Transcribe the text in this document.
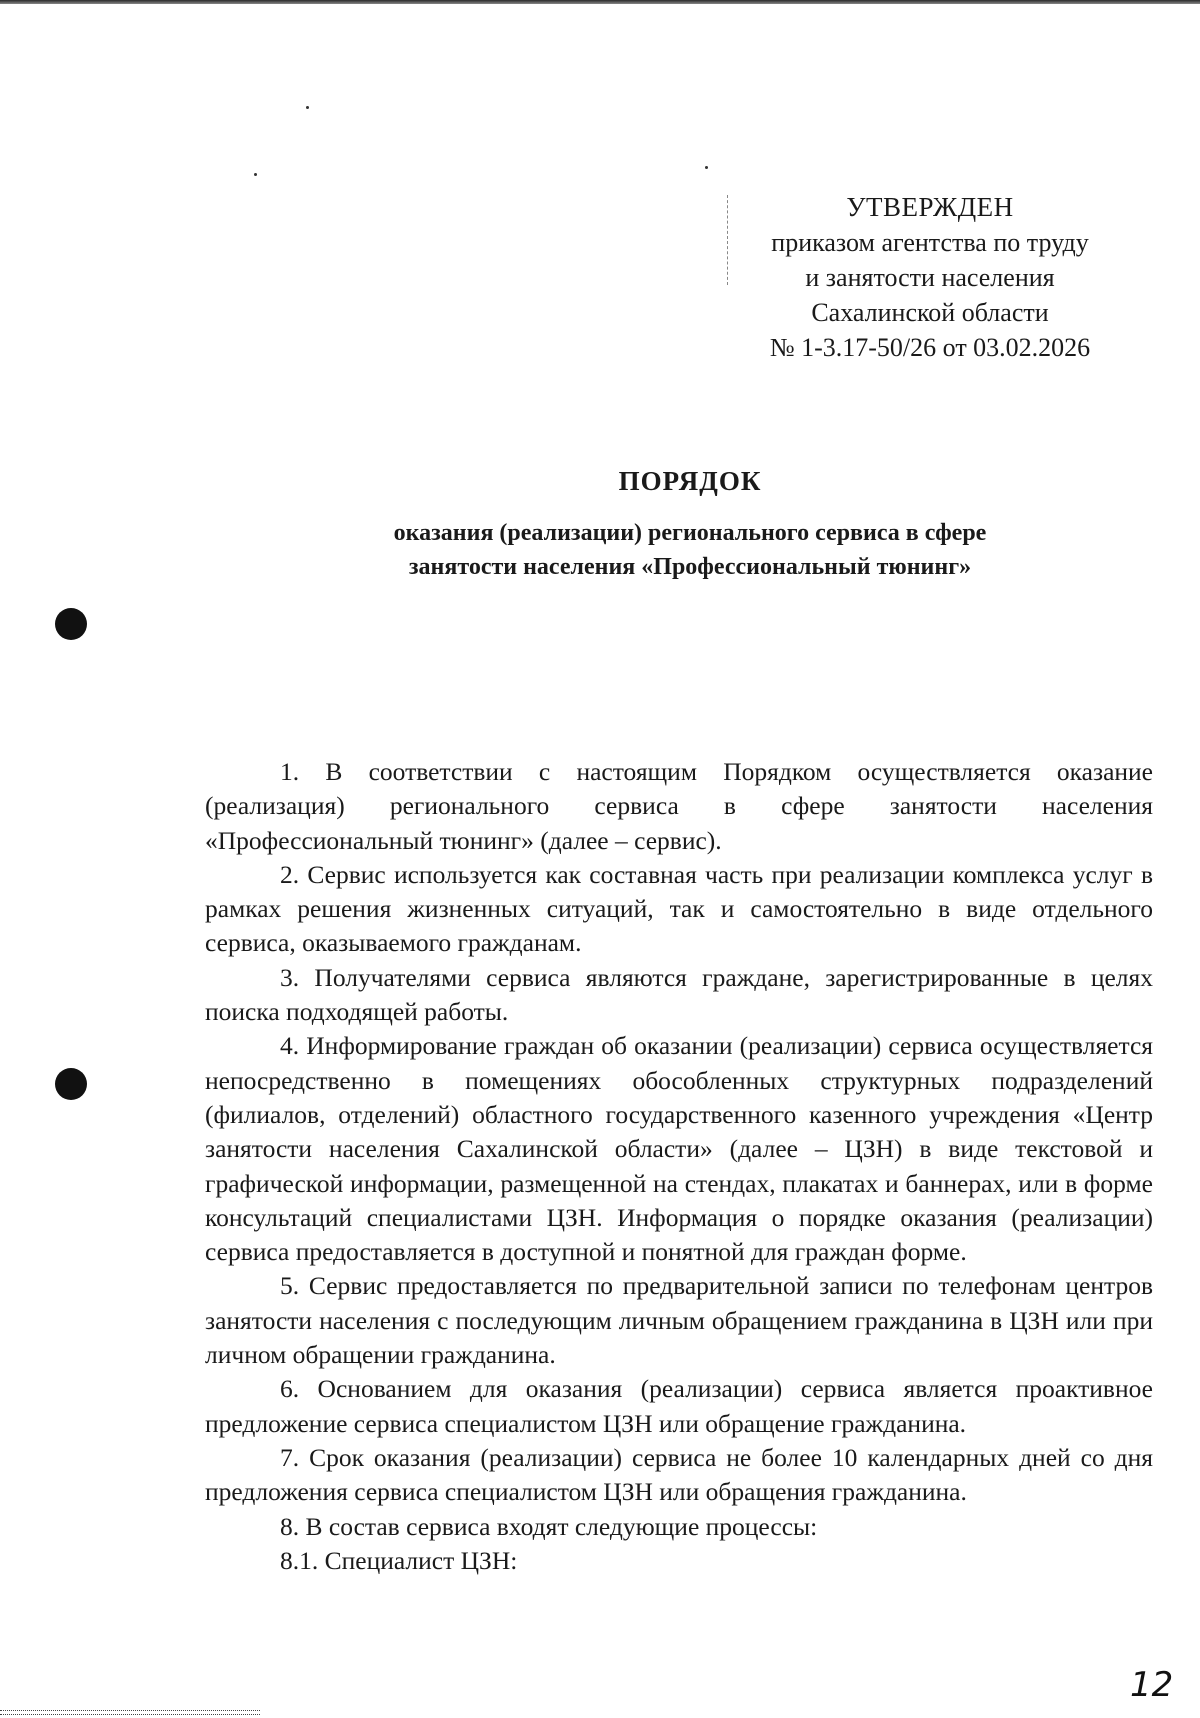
УТВЕРЖДЕН
приказом агентства по труду
и занятости населения
Сахалинской области
№ 1-3.17-50/26 от 03.02.2026
ПОРЯДОК
оказания (реализации) регионального сервиса в сфере занятости населения «Профессиональный тюнинг»

1. В соответствии с настоящим Порядком осуществляется оказание (реализация) регионального сервиса в сфере занятости населения «Профессиональный тюнинг» (далее – сервис).

2. Сервис используется как составная часть при реализации комплекса услуг в рамках решения жизненных ситуаций, так и самостоятельно в виде отдельного сервиса, оказываемого гражданам.

3. Получателями сервиса являются граждане, зарегистрированные в целях поиска подходящей работы.

4. Информирование граждан об оказании (реализации) сервиса осуществляется непосредственно в помещениях обособленных структурных подразделений (филиалов, отделений) областного государственного казенного учреждения «Центр занятости населения Сахалинской области» (далее – ЦЗН) в виде текстовой и графической информации, размещенной на стендах, плакатах и баннерах, или в форме консультаций специалистами ЦЗН. Информация о порядке оказания (реализации) сервиса предоставляется в доступной и понятной для граждан форме.

5. Сервис предоставляется по предварительной записи по телефонам центров занятости населения с последующим личным обращением гражданина в ЦЗН или при личном обращении гражданина.

6. Основанием для оказания (реализации) сервиса является проактивное предложение сервиса специалистом ЦЗН или обращение гражданина.

7. Срок оказания (реализации) сервиса не более 10 календарных дней со дня предложения сервиса специалистом ЦЗН или обращения гражданина.

8. В состав сервиса входят следующие процессы:

8.1. Специалист ЦЗН:

12
